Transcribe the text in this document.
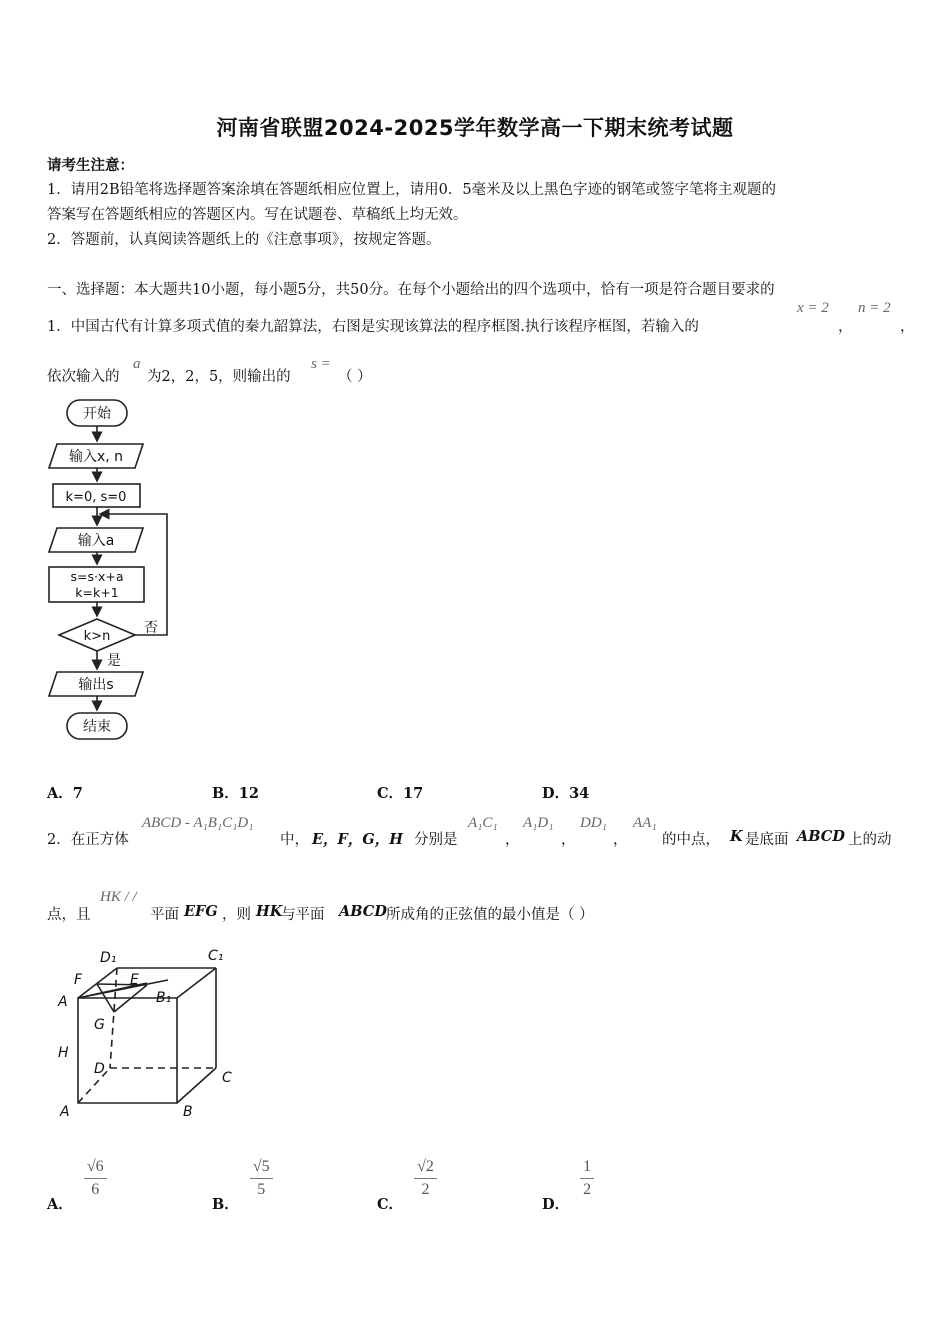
河南省联盟2024-2025学年数学高一下期末统考试题
请考生注意：
1．请用2B铅笔将选择题答案涂填在答题纸相应位置上，请用0．5毫米及以上黑色字迹的钢笔或签字笔将主观题的
答案写在答题纸相应的答题区内。写在试题卷、草稿纸上均无效。
2．答题前，认真阅读答题纸上的《注意事项》，按规定答题。
一、选择题：本大题共10小题，每小题5分，共50分。在每个小题给出的四个选项中，恰有一项是符合题目要求的
1．中国古代有计算多项式值的秦九韶算法，右图是实现该算法的程序框图.执行该程序框图，若输入的
x = 2
，
n = 2
，
依次输入的
a
为2，2，5，则输出的
s =
（ ）
开始
输入x, n
k=0, s=0
输入a
s=s·x+a
k=k+1
k>n
否
是
输出s
结束
A．7	B．12	C．17	D．34
2．在正方体
ABCD - A₁B₁C₁D₁
中， E，F，G，H 分别是
A₁C₁
，
A₁D₁
，
DD₁
，
AA₁
的中点， K 是底面 ABCD 上的动
点，且
HK / /
平面 EFG ，则 HK
与平面 ABCD 所成角的正弦值的最小值是（ ）
D₁	C₁
F	E
A	B₁
G
H
D
C
A	B
A．
$\frac{√6}{6}$
B．
$\frac{√5}{5}$
C．
$\frac{√2}{2}$
D．
$\frac{1}{2}$
